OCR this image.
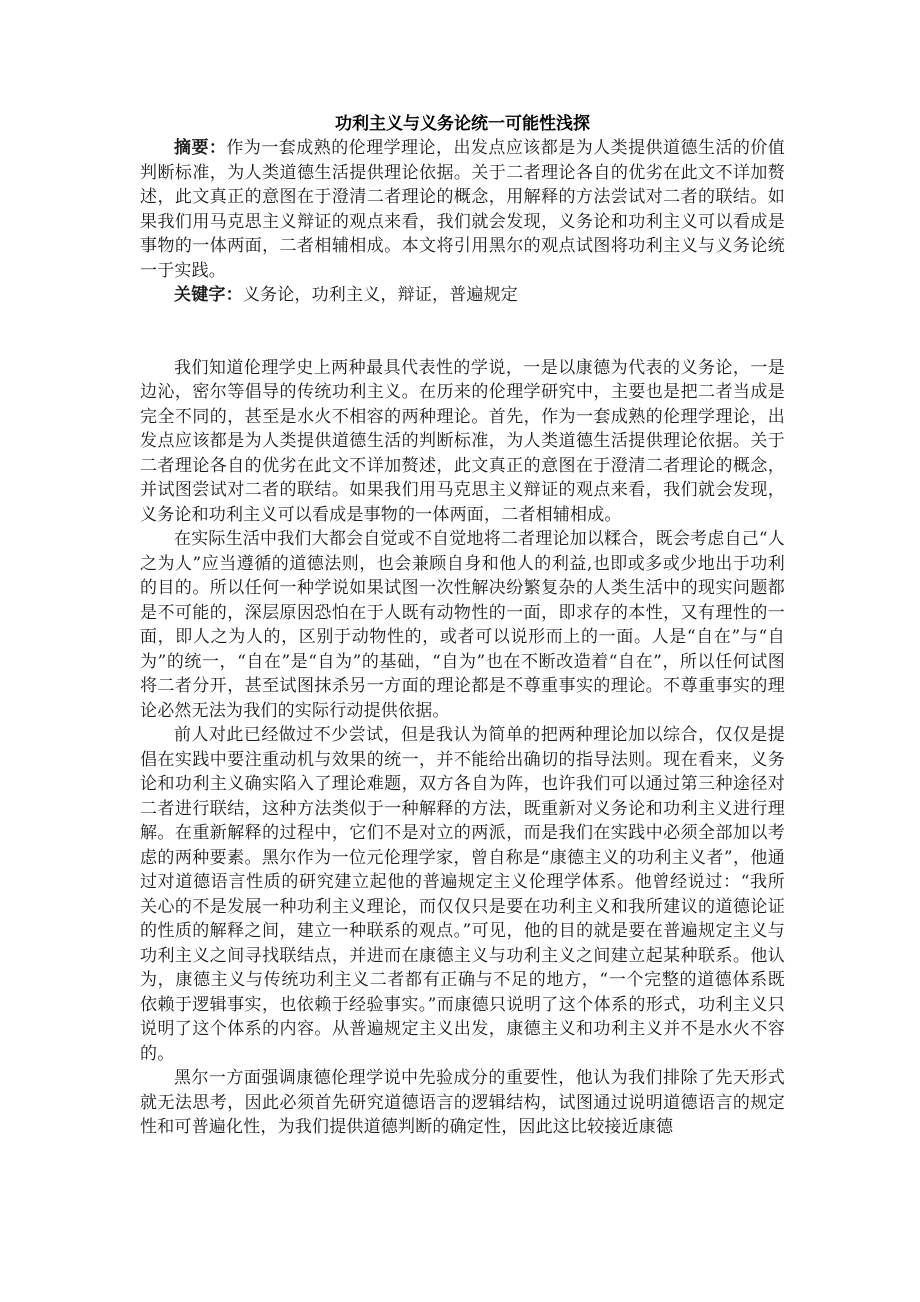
功利主义与义务论统一可能性浅探

摘要：作为一套成熟的伦理学理论，出发点应该都是为人类提供道德生活的价值判断标准，为人类道德生活提供理论依据。关于二者理论各自的优劣在此文不详加赘述，此文真正的意图在于澄清二者理论的概念，用解释的方法尝试对二者的联结。如果我们用马克思主义辩证的观点来看，我们就会发现，义务论和功利主义可以看成是事物的一体两面，二者相辅相成。本文将引用黑尔的观点试图将功利主义与义务论统一于实践。

关键字：义务论，功利主义，辩证，普遍规定

我们知道伦理学史上两种最具代表性的学说，一是以康德为代表的义务论，一是边沁，密尔等倡导的传统功利主义。在历来的伦理学研究中，主要也是把二者当成是完全不同的，甚至是水火不相容的两种理论。首先，作为一套成熟的伦理学理论，出发点应该都是为人类提供道德生活的判断标准，为人类道德生活提供理论依据。关于二者理论各自的优劣在此文不详加赘述，此文真正的意图在于澄清二者理论的概念，并试图尝试对二者的联结。如果我们用马克思主义辩证的观点来看，我们就会发现，义务论和功利主义可以看成是事物的一体两面，二者相辅相成。

在实际生活中我们大都会自觉或不自觉地将二者理论加以糅合，既会考虑自己“人之为人”应当遵循的道德法则，也会兼顾自身和他人的利益,也即或多或少地出于功利的目的。所以任何一种学说如果试图一次性解决纷繁复杂的人类生活中的现实问题都是不可能的，深层原因恐怕在于人既有动物性的一面，即求存的本性，又有理性的一面，即人之为人的，区别于动物性的，或者可以说形而上的一面。人是“自在”与“自为”的统一，“自在”是“自为”的基础，“自为”也在不断改造着“自在”，所以任何试图将二者分开，甚至试图抹杀另一方面的理论都是不尊重事实的理论。不尊重事实的理论必然无法为我们的实际行动提供依据。

前人对此已经做过不少尝试，但是我认为简单的把两种理论加以综合，仅仅是提倡在实践中要注重动机与效果的统一，并不能给出确切的指导法则。现在看来，义务论和功利主义确实陷入了理论难题，双方各自为阵，也许我们可以通过第三种途径对二者进行联结，这种方法类似于一种解释的方法，既重新对义务论和功利主义进行理解。在重新解释的过程中，它们不是对立的两派，而是我们在实践中必须全部加以考虑的两种要素。黑尔作为一位元伦理学家，曾自称是“康德主义的功利主义者”，他通过对道德语言性质的研究建立起他的普遍规定主义伦理学体系。他曾经说过：“我所关心的不是发展一种功利主义理论，而仅仅只是要在功利主义和我所建议的道德论证的性质的解释之间，建立一种联系的观点。”可见，他的目的就是要在普遍规定主义与功利主义之间寻找联结点，并进而在康德主义与功利主义之间建立起某种联系。他认为，康德主义与传统功利主义二者都有正确与不足的地方，“一个完整的道德体系既依赖于逻辑事实，也依赖于经验事实。”而康德只说明了这个体系的形式，功利主义只说明了这个体系的内容。从普遍规定主义出发，康德主义和功利主义并不是水火不容的。

黑尔一方面强调康德伦理学说中先验成分的重要性，他认为我们排除了先天形式就无法思考，因此必须首先研究道德语言的逻辑结构，试图通过说明道德语言的规定性和可普遍化性，为我们提供道德判断的确定性，因此这比较接近康德
